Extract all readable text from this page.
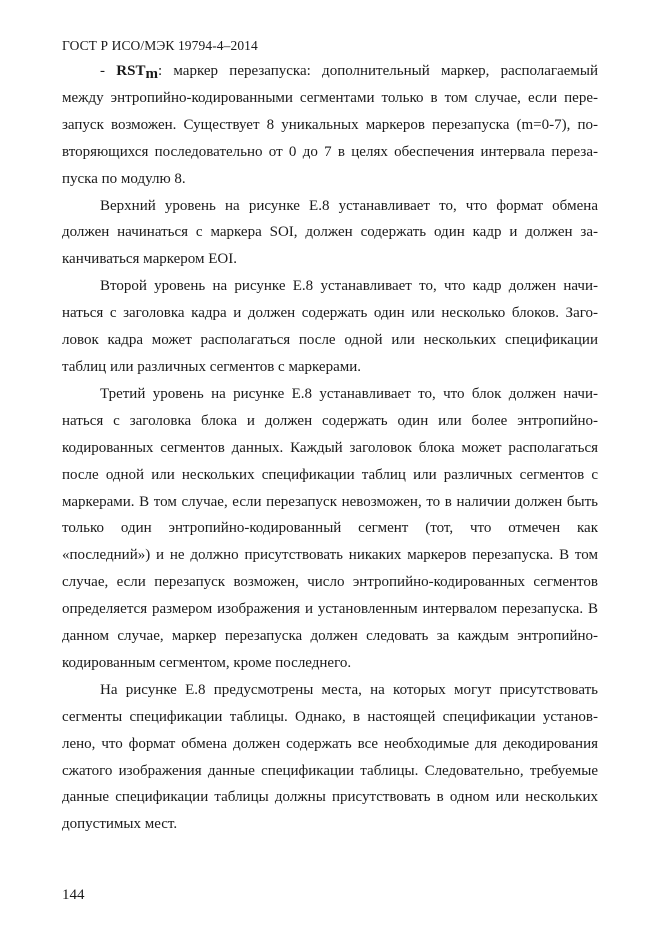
ГОСТ Р ИСО/МЭК 19794-4–2014

- $RST_m$: маркер перезапуска: дополнительный маркер, располагаемый между энтропийно-кодированными сегментами только в том случае, если перезапуск возможен. Существует 8 уникальных маркеров перезапуска (m=0-7), повторяющихся последовательно от 0 до 7 в целях обеспечения интервала перезапуска по модулю 8.

Верхний уровень на рисунке E.8 устанавливает то, что формат обмена должен начинаться с маркера SOI, должен содержать один кадр и должен заканчиваться маркером EOI.

Второй уровень на рисунке E.8 устанавливает то, что кадр должен начинаться с заголовка кадра и должен содержать один или несколько блоков. Заголовок кадра может располагаться после одной или нескольких спецификации таблиц или различных сегментов с маркерами.

Третий уровень на рисунке E.8 устанавливает то, что блок должен начинаться с заголовка блока и должен содержать один или более энтропийно-кодированных сегментов данных. Каждый заголовок блока может располагаться после одной или нескольких спецификации таблиц или различных сегментов с маркерами. В том случае, если перезапуск невозможен, то в наличии должен быть только один энтропийно-кодированный сегмент (тот, что отмечен как «последний») и не должно присутствовать никаких маркеров перезапуска. В том случае, если перезапуск возможен, число энтропийно-кодированных сегментов определяется размером изображения и установленным интервалом перезапуска. В данном случае, маркер перезапуска должен следовать за каждым энтропийно-кодированным сегментом, кроме последнего.

На рисунке E.8 предусмотрены места, на которых могут присутствовать сегменты спецификации таблицы. Однако, в настоящей спецификации установлено, что формат обмена должен содержать все необходимые для декодирования сжатого изображения данные спецификации таблицы. Следовательно, требуемые данные спецификации таблицы должны присутствовать в одном или нескольких допустимых мест.

144
